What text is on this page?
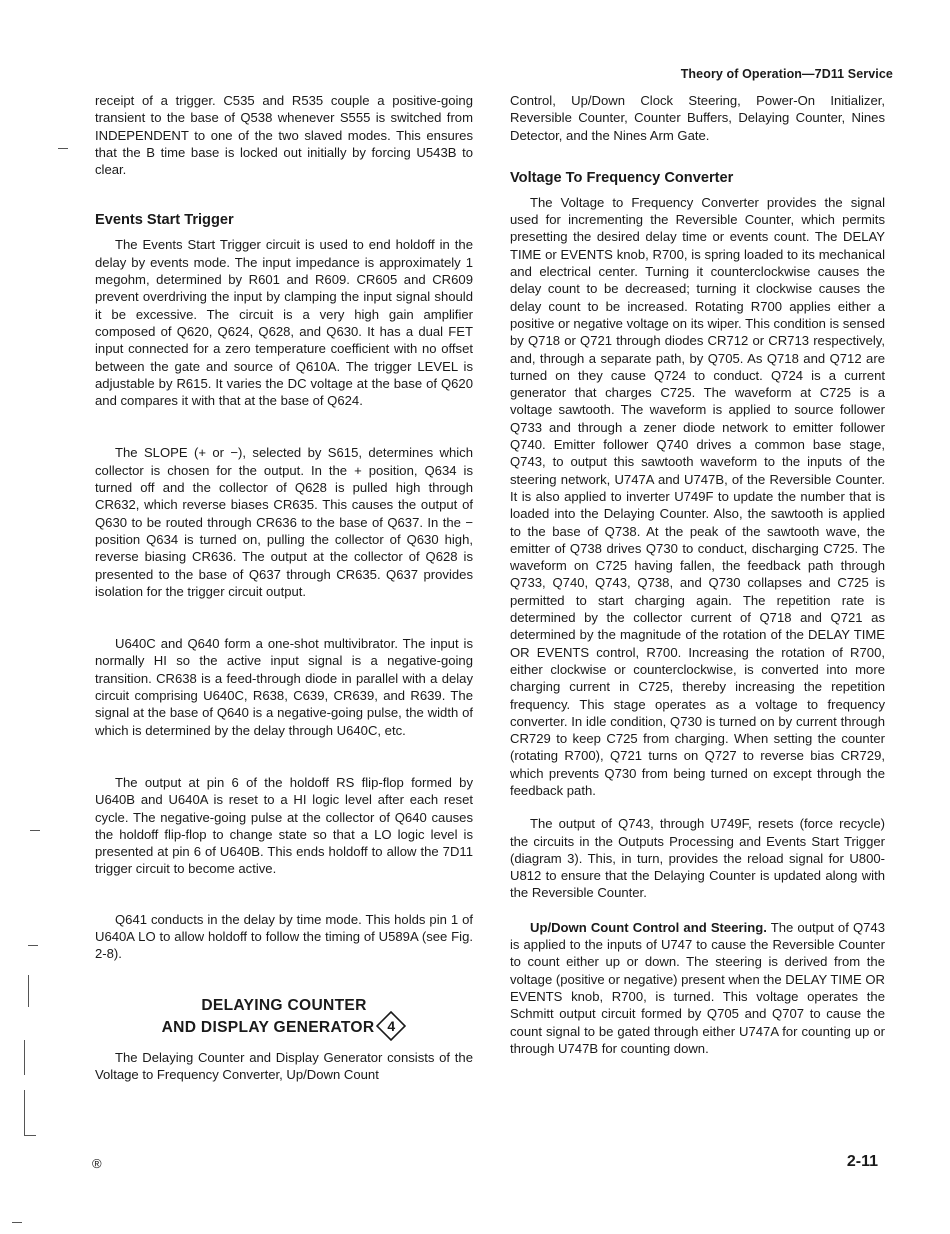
Theory of Operation—7D11 Service

receipt of a trigger. C535 and R535 couple a positive-going transient to the base of Q538 whenever S555 is switched from INDEPENDENT to one of the two slaved modes. This ensures that the B time base is locked out initially by forcing U543B to clear.

Events Start Trigger

The Events Start Trigger circuit is used to end holdoff in the delay by events mode. The input impedance is approximately 1 megohm, determined by R601 and R609. CR605 and CR609 prevent overdriving the input by clamping the input signal should it be excessive. The circuit is a very high gain amplifier composed of Q620, Q624, Q628, and Q630. It has a dual FET input connected for a zero temperature coefficient with no offset between the gate and source of Q610A. The trigger LEVEL is adjustable by R615. It varies the DC voltage at the base of Q620 and compares it with that at the base of Q624.

The SLOPE (+ or −), selected by S615, determines which collector is chosen for the output. In the + position, Q634 is turned off and the collector of Q628 is pulled high through CR632, which reverse biases CR635. This causes the output of Q630 to be routed through CR636 to the base of Q637. In the − position Q634 is turned on, pulling the collector of Q630 high, reverse biasing CR636. The output at the collector of Q628 is presented to the base of Q637 through CR635. Q637 provides isolation for the trigger circuit output.

U640C and Q640 form a one-shot multivibrator. The input is normally HI so the active input signal is a negative-going transition. CR638 is a feed-through diode in parallel with a delay circuit comprising U640C, R638, C639, CR639, and R639. The signal at the base of Q640 is a negative-going pulse, the width of which is determined by the delay through U640C, etc.

The output at pin 6 of the holdoff RS flip-flop formed by U640B and U640A is reset to a HI logic level after each reset cycle. The negative-going pulse at the collector of Q640 causes the holdoff flip-flop to change state so that a LO logic level is presented at pin 6 of U640B. This ends holdoff to allow the 7D11 trigger circuit to become active.

Q641 conducts in the delay by time mode. This holds pin 1 of U640A LO to allow holdoff to follow the timing of U589A (see Fig. 2-8).

DELAYING COUNTER
AND DISPLAY GENERATOR 4

The Delaying Counter and Display Generator consists of the Voltage to Frequency Converter, Up/Down Count

Control, Up/Down Clock Steering, Power-On Initializer, Reversible Counter, Counter Buffers, Delaying Counter, Nines Detector, and the Nines Arm Gate.

Voltage To Frequency Converter

The Voltage to Frequency Converter provides the signal used for incrementing the Reversible Counter, which permits presetting the desired delay time or events count. The DELAY TIME or EVENTS knob, R700, is spring loaded to its mechanical and electrical center. Turning it counterclockwise causes the delay count to be decreased; turning it clockwise causes the delay count to be increased. Rotating R700 applies either a positive or negative voltage on its wiper. This condition is sensed by Q718 or Q721 through diodes CR712 or CR713 respectively, and, through a separate path, by Q705. As Q718 and Q712 are turned on they cause Q724 to conduct. Q724 is a current generator that charges C725. The waveform at C725 is a voltage sawtooth. The waveform is applied to source follower Q733 and through a zener diode network to emitter follower Q740. Emitter follower Q740 drives a common base stage, Q743, to output this sawtooth waveform to the inputs of the steering network, U747A and U747B, of the Reversible Counter. It is also applied to inverter U749F to update the number that is loaded into the Delaying Counter. Also, the sawtooth is applied to the base of Q738. At the peak of the sawtooth wave, the emitter of Q738 drives Q730 to conduct, discharging C725. The waveform on C725 having fallen, the feedback path through Q733, Q740, Q743, Q738, and Q730 collapses and C725 is permitted to start charging again. The repetition rate is determined by the collector current of Q718 and Q721 as determined by the magnitude of the rotation of the DELAY TIME OR EVENTS control, R700. Increasing the rotation of R700, either clockwise or counterclockwise, is converted into more charging current in C725, thereby increasing the repetition frequency. This stage operates as a voltage to frequency converter. In idle condition, Q730 is turned on by current through CR729 to keep C725 from charging. When setting the counter (rotating R700), Q721 turns on Q727 to reverse bias CR729, which prevents Q730 from being turned on except through the feedback path.

The output of Q743, through U749F, resets (force recycle) the circuits in the Outputs Processing and Events Start Trigger (diagram 3). This, in turn, provides the reload signal for U800-U812 to ensure that the Delaying Counter is updated along with the Reversible Counter.

Up/Down Count Control and Steering. The output of Q743 is applied to the inputs of U747 to cause the Reversible Counter to count either up or down. The steering is derived from the voltage (positive or negative) present when the DELAY TIME OR EVENTS knob, R700, is turned. This voltage operates the Schmitt output circuit formed by Q705 and Q707 to cause the count signal to be gated through either U747A for counting up or through U747B for counting down.

®	2-11
